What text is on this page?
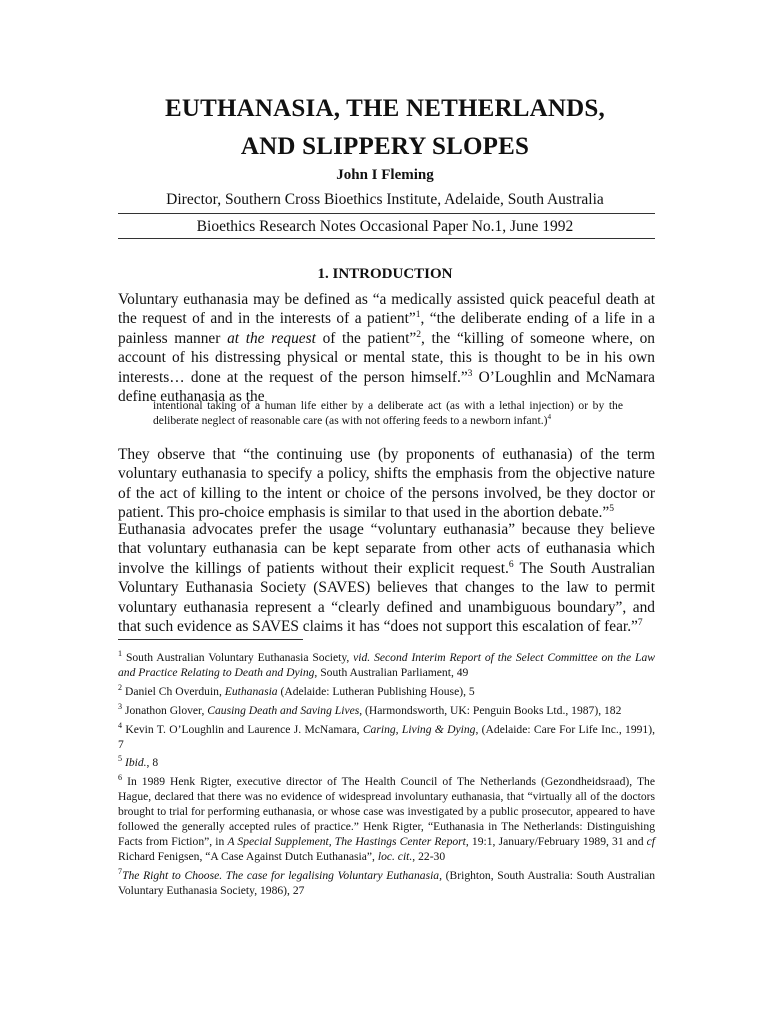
EUTHANASIA, THE NETHERLANDS,
AND SLIPPERY SLOPES
John I Fleming
Director, Southern Cross Bioethics Institute, Adelaide, South Australia
Bioethics Research Notes Occasional Paper No.1, June 1992
1. INTRODUCTION

Voluntary euthanasia may be defined as “a medically assisted quick peaceful death at the request of and in the interests of a patient”$^1$, “the deliberate ending of a life in a painless manner at the request of the patient”$^2$, the “killing of someone where, on account of his distressing physical or mental state, this is thought to be in his own interests… done at the request of the person himself.”$^3$ O’Loughlin and McNamara define euthanasia as the

intentional taking of a human life either by a deliberate act (as with a lethal injection) or by the deliberate neglect of reasonable care (as with not offering feeds to a newborn infant.)$^4$

They observe that “the continuing use (by proponents of euthanasia) of the term voluntary euthanasia to specify a policy, shifts the emphasis from the objective nature of the act of killing to the intent or choice of the persons involved, be they doctor or patient. This pro-choice emphasis is similar to that used in the abortion debate.”$^5$

Euthanasia advocates prefer the usage “voluntary euthanasia” because they believe that voluntary euthanasia can be kept separate from other acts of euthanasia which involve the killings of patients without their explicit request.$^6$ The South Australian Voluntary Euthanasia Society (SAVES) believes that changes to the law to permit voluntary euthanasia represent a “clearly defined and unambiguous boundary”, and that such evidence as SAVES claims it has “does not support this escalation of fear.”$^7$

$^1$ South Australian Voluntary Euthanasia Society, vid. Second Interim Report of the Select Committee on the Law and Practice Relating to Death and Dying, South Australian Parliament, 49

$^2$ Daniel Ch Overduin, Euthanasia (Adelaide: Lutheran Publishing House), 5

$^3$ Jonathon Glover, Causing Death and Saving Lives, (Harmondsworth, UK: Penguin Books Ltd., 1987), 182

$^4$ Kevin T. O’Loughlin and Laurence J. McNamara, Caring, Living & Dying, (Adelaide: Care For Life Inc., 1991), 7

$^5$ Ibid., 8

$^6$ In 1989 Henk Rigter, executive director of The Health Council of The Netherlands (Gezondheidsraad), The Hague, declared that there was no evidence of widespread involuntary euthanasia, that “virtually all of the doctors brought to trial for performing euthanasia, or whose case was investigated by a public prosecutor, appeared to have followed the generally accepted rules of practice.” Henk Rigter, “Euthanasia in The Netherlands: Distinguishing Facts from Fiction”, in A Special Supplement, The Hastings Center Report, 19:1, January/February 1989, 31 and cf Richard Fenigsen, “A Case Against Dutch Euthanasia”, loc. cit., 22-30

$^7$The Right to Choose. The case for legalising Voluntary Euthanasia, (Brighton, South Australia: South Australian Voluntary Euthanasia Society, 1986), 27
